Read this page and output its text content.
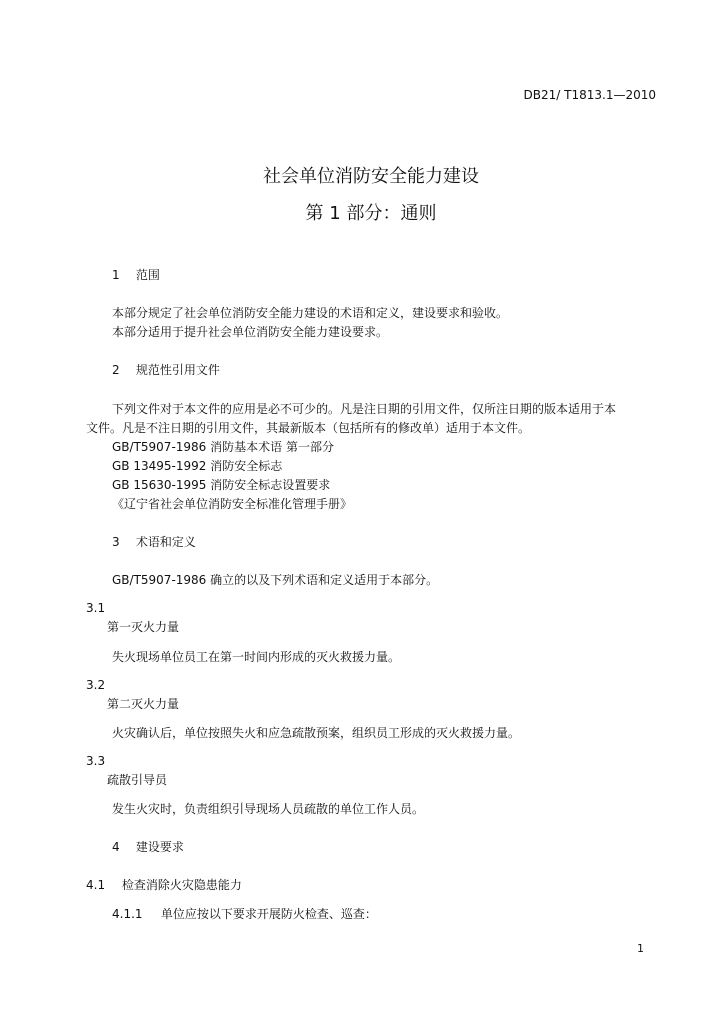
DB21/ T1813.1—2010
社会单位消防安全能力建设
第 1 部分：通则
1 范围
本部分规定了社会单位消防安全能力建设的术语和定义，建设要求和验收。
本部分适用于提升社会单位消防安全能力建设要求。
2 规范性引用文件
下列文件对于本文件的应用是必不可少的。凡是注日期的引用文件，仅所注日期的版本适用于本
文件。凡是不注日期的引用文件，其最新版本（包括所有的修改单）适用于本文件。
GB/T5907-1986 消防基本术语 第一部分
GB 13495-1992 消防安全标志
GB 15630-1995 消防安全标志设置要求
《辽宁省社会单位消防安全标准化管理手册》
3 术语和定义
GB/T5907-1986 确立的以及下列术语和定义适用于本部分。
3.1
第一灭火力量
失火现场单位员工在第一时间内形成的灭火救援力量。
3.2
第二灭火力量
火灾确认后，单位按照失火和应急疏散预案，组织员工形成的灭火救援力量。
3.3
疏散引导员
发生火灾时，负责组织引导现场人员疏散的单位工作人员。
4 建设要求
4.1 检查消除火灾隐患能力
4.1.1 单位应按以下要求开展防火检查、巡查：
1
